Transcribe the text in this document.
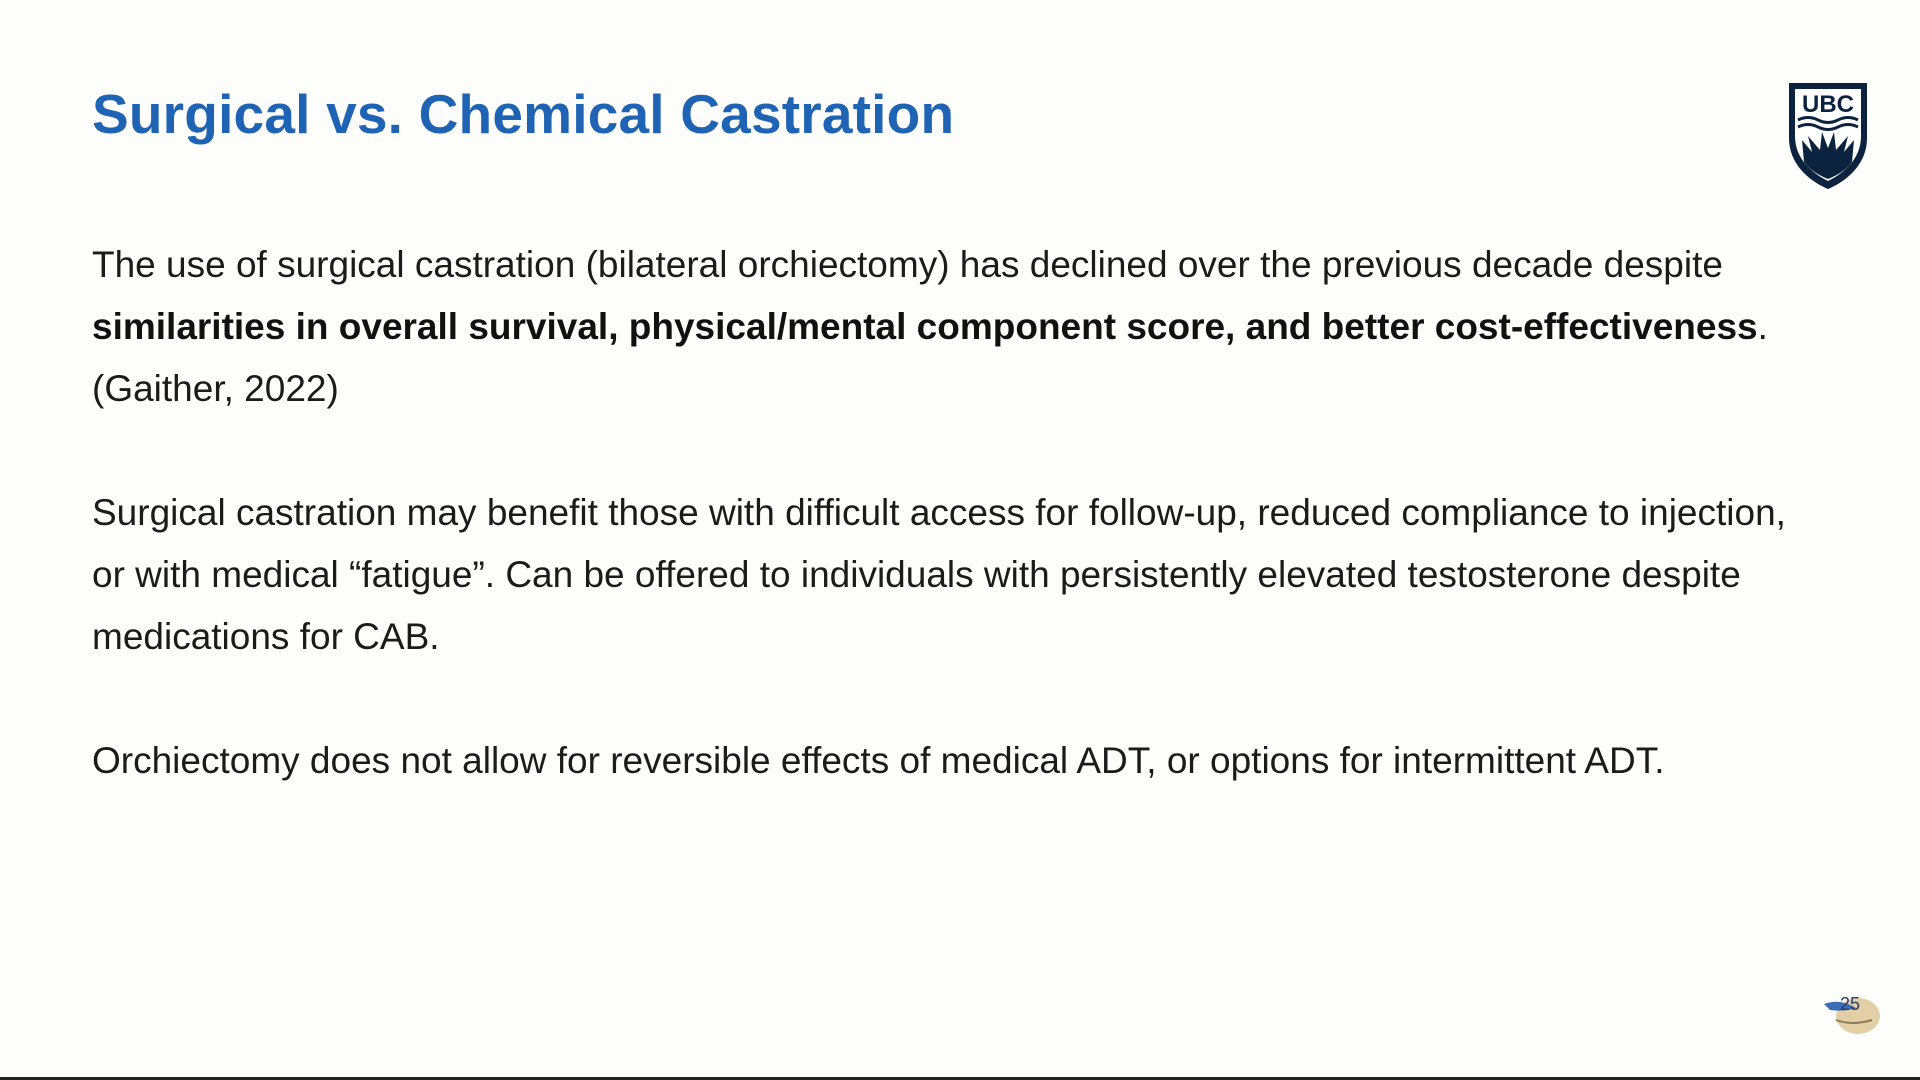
Surgical vs. Chemical Castration	UBC

The use of surgical castration (bilateral orchiectomy) has declined over the previous decade despite similarities in overall survival, physical/mental component score, and better cost-effectiveness. (Gaither, 2022)

Surgical castration may benefit those with difficult access for follow-up, reduced compliance to injection, or with medical “fatigue”. Can be offered to individuals with persistently elevated testosterone despite medications for CAB.

Orchiectomy does not allow for reversible effects of medical ADT, or options for intermittent ADT.

25
